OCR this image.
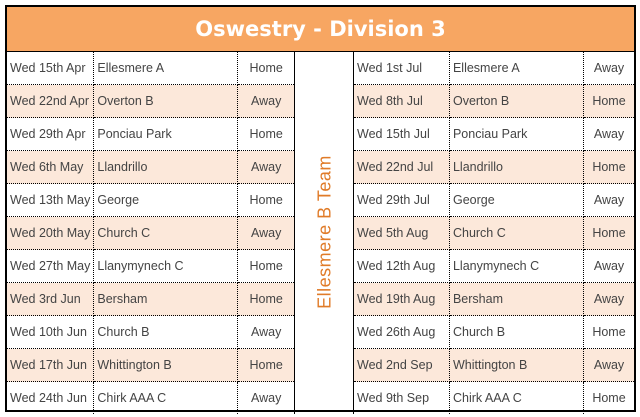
Oswestry - Division 3
Wed 15th Apr	Ellesmere A	Home
Wed 22nd Apr	Overton B	Away
Wed 29th Apr	Ponciau Park	Home
Wed 6th May	Llandrillo	Away
Wed 13th May	George	Home
Wed 20th May	Church C	Away
Wed 27th May	Llanymynech C	Home
Wed 3rd Jun	Bersham	Home
Wed 10th Jun	Church B	Away
Wed 17th Jun	Whittington B	Home
Wed 24th Jun	Chirk AAA C	Away
Ellesmere B Team
Wed 1st Jul	Ellesmere A	Away
Wed 8th Jul	Overton B	Home
Wed 15th Jul	Ponciau Park	Away
Wed 22nd Jul	Llandrillo	Home
Wed 29th Jul	George	Away
Wed 5th Aug	Church C	Home
Wed 12th Aug	Llanymynech C	Away
Wed 19th Aug	Bersham	Away
Wed 26th Aug	Church B	Home
Wed 2nd Sep	Whittington B	Away
Wed 9th Sep	Chirk AAA C	Home
